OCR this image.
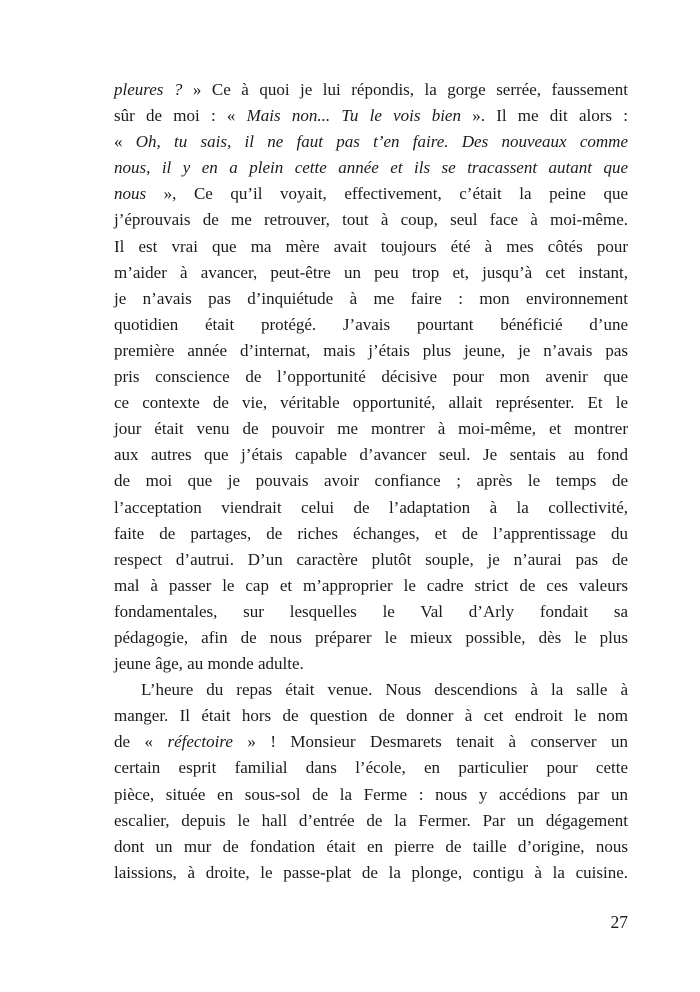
pleures ? » Ce à quoi je lui répondis, la gorge serrée, faussement
sûr de moi : « Mais non... Tu le vois bien ». Il me dit alors :
« Oh, tu sais, il ne faut pas t’en faire. Des nouveaux comme
nous, il y en a plein cette année et ils se tracassent autant que
nous », Ce qu’il voyait, effectivement, c’était la peine que
j’éprouvais de me retrouver, tout à coup, seul face à moi-même.
Il est vrai que ma mère avait toujours été à mes côtés pour
m’aider à avancer, peut-être un peu trop et, jusqu’à cet instant,
je n’avais pas d’inquiétude à me faire : mon environnement
quotidien était protégé. J’avais pourtant bénéficié d’une
première année d’internat, mais j’étais plus jeune, je n’avais pas
pris conscience de l’opportunité décisive pour mon avenir que
ce contexte de vie, véritable opportunité, allait représenter. Et le
jour était venu de pouvoir me montrer à moi-même, et montrer
aux autres que j’étais capable d’avancer seul. Je sentais au fond
de moi que je pouvais avoir confiance ; après le temps de
l’acceptation viendrait celui de l’adaptation à la collectivité,
faite de partages, de riches échanges, et de l’apprentissage du
respect d’autrui. D’un caractère plutôt souple, je n’aurai pas de
mal à passer le cap et m’approprier le cadre strict de ces valeurs
fondamentales, sur lesquelles le Val d’Arly fondait sa
pédagogie, afin de nous préparer le mieux possible, dès le plus
jeune âge, au monde adulte.
L’heure du repas était venue. Nous descendions à la salle à
manger. Il était hors de question de donner à cet endroit le nom
de « réfectoire » ! Monsieur Desmarets tenait à conserver un
certain esprit familial dans l’école, en particulier pour cette
pièce, située en sous-sol de la Ferme : nous y accédions par un
escalier, depuis le hall d’entrée de la Fermer. Par un dégagement
dont un mur de fondation était en pierre de taille d’origine, nous
laissions, à droite, le passe-plat de la plonge, contigu à la cuisine.
27
